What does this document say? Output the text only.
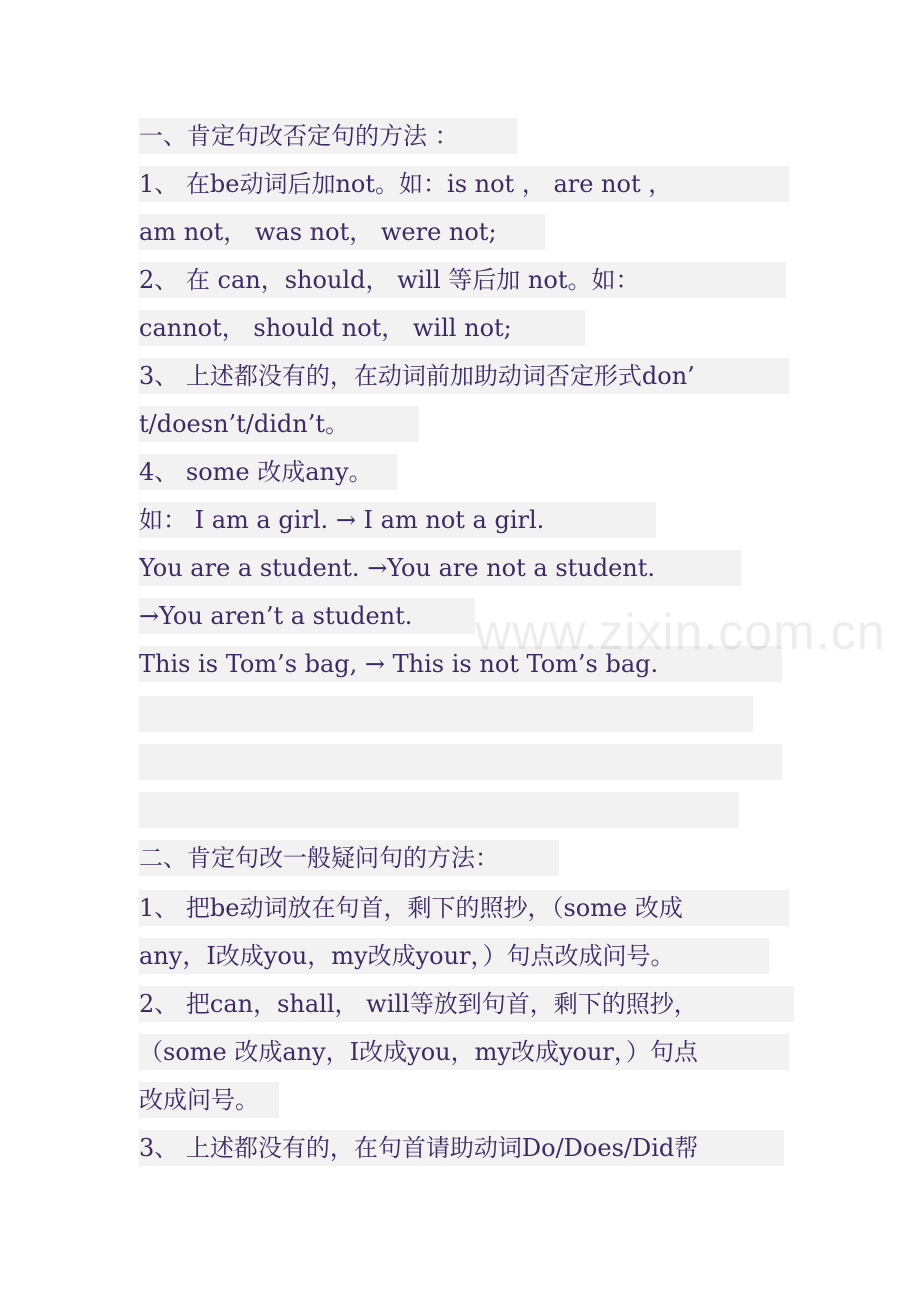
一、肯定句改否定句的方法 ：
1、 在be动词后加not。如：is not ， are not ，
am not， was not， were not;
2、 在 can，should， will 等后加 not。如：
cannot， should not， will not;
3、 上述都没有的，在动词前加助动词否定形式don’
t/doesn’t/didn’t。
4、 some 改成any。
如： I am a girl. → I am not a girl.
You are a student. →You are not a student.
→You aren’t a student.
This is Tom’s bag, → This is not Tom’s bag.

二、肯定句改一般疑问句的方法：
1、 把be动词放在句首，剩下的照抄，（some 改成
any，I改成you，my改成your，）句点改成问号。
2、 把can，shall， will等放到句首，剩下的照抄，
（some 改成any，I改成you，my改成your，）句点
改成问号。
3、 上述都没有的，在句首请助动词Do/Does/Did帮
www.zixin.com.cn
